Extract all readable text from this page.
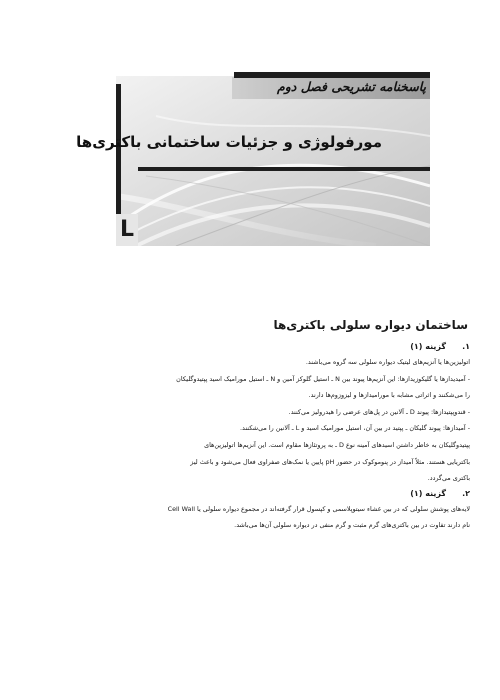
پاسخنامه تشریحی فصل دوم
مورفولوژی و جزئیات ساختمانی باکتری‌ها
L
ساختمان دیواره سلولی باکتری‌ها
۱.گزینه (۱)

اتولیزین‌ها یا آنزیم‌های لیتیک دیواره سلولی سه گروه می‌باشند.

- آمیدیدازها یا گلیکوزیدازها: این آنزیم‌ها پیوند بین N ـ استیل گلوکز آمین و N ـ استیل مورامیک اسید پپتیدوگلیکان

را می‌شکنند و اثراتی مشابه با مورامیدازها و لیزوزوم‌ها دارند.

- قندوپپتیدازها: پیوند D ـ آلانین در پل‌های عرضی را هیدرولیز می‌کنند.

- آمیدازها: پیوند گلیکان ـ پپتید در بین آن، استیل مورامیک اسید و L ـ آلانین را می‌شکنند.

پپتیدوگلیکان به خاطر داشتن اسیدهای آمینه نوع D ـ به پروتئازها مقاوم است. این آنزیم‌ها اتولیزین‌های

باکتریایی هستند. مثلاً آمیداز در پنوموکوک در حضور pH پایین یا نمک‌های صفراوی فعال می‌شود و باعث لیز

باکتری می‌گردد.

۲.گزینه (۱)

لایه‌های پوشش سلولی که در بین غشاء سیتوپلاسمی و کپسول قرار گرفته‌اند در مجموع دیواره سلولی یا Cell Wall

نام دارند تفاوت در بین باکتری‌های گرم مثبت و گرم منفی در دیواره سلولی آن‌ها می‌باشد.
